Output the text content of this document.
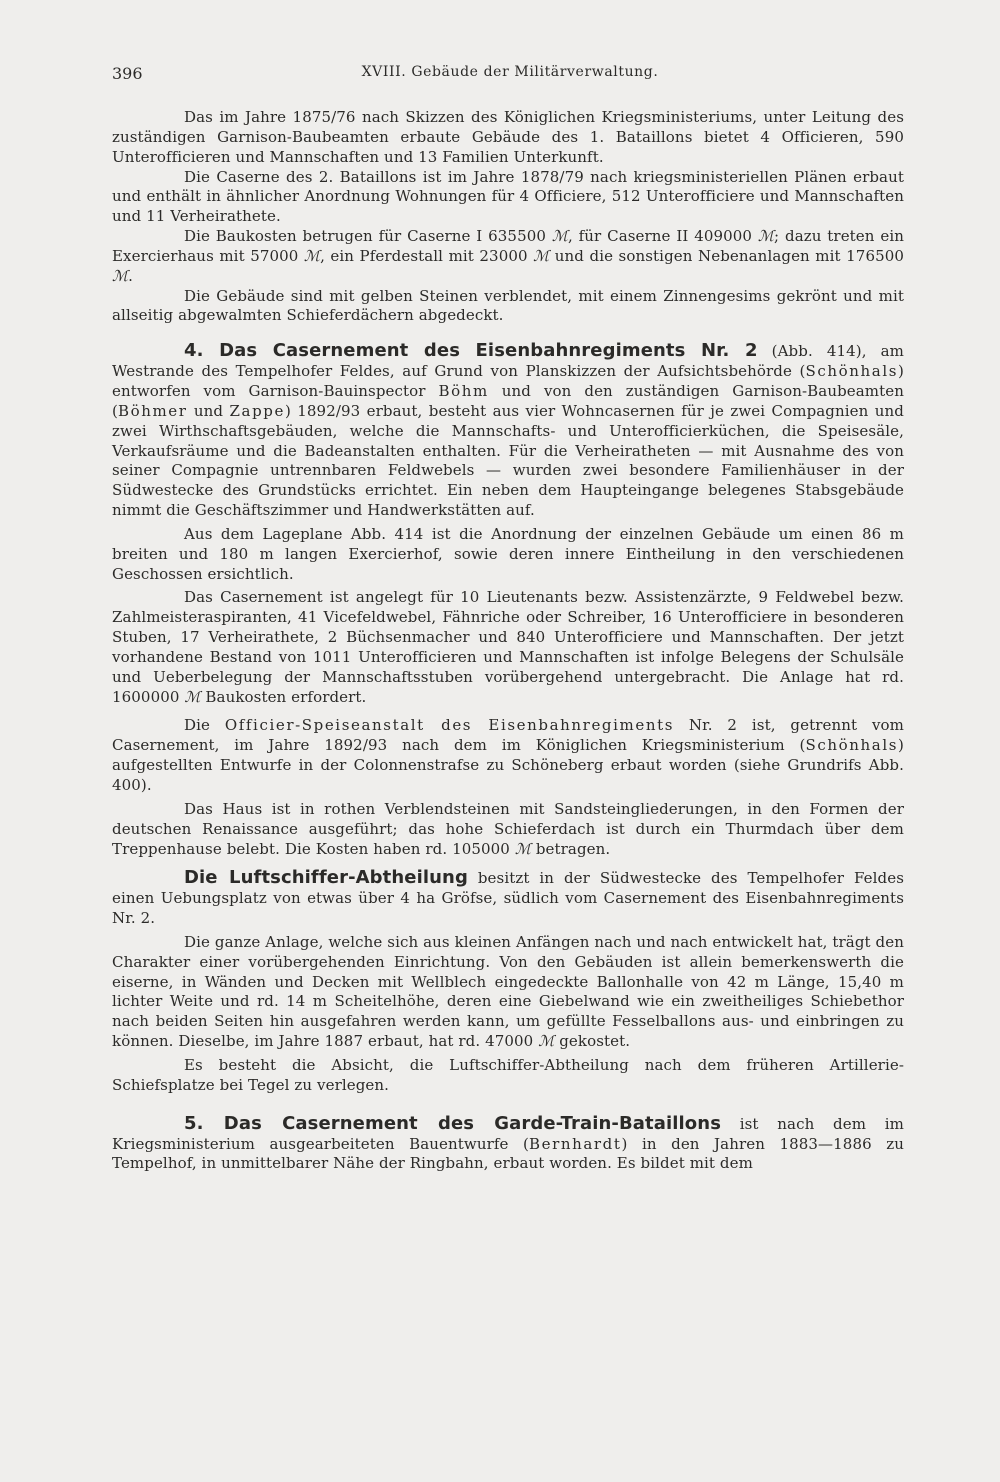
396	XVIII. Gebäude der Militärverwaltung.

Das im Jahre 1875/76 nach Skizzen des Königlichen Kriegsministeriums, unter Leitung des zuständigen Garnison-Baubeamten erbaute Gebäude des 1. Bataillons bietet 4 Officieren, 590 Unterofficieren und Mannschaften und 13 Familien Unterkunft.

Die Caserne des 2. Bataillons ist im Jahre 1878/79 nach kriegsministeriellen Plänen erbaut und enthält in ähnlicher Anordnung Wohnungen für 4 Officiere, 512 Unterofficiere und Mannschaften und 11 Verheirathete.

Die Baukosten betrugen für Caserne I 635500 ℳ, für Caserne II 409000 ℳ; dazu treten ein Exercierhaus mit 57000 ℳ, ein Pferdestall mit 23000 ℳ und die sonstigen Nebenanlagen mit 176500 ℳ.

Die Gebäude sind mit gelben Steinen verblendet, mit einem Zinnengesims gekrönt und mit allseitig abgewalmten Schieferdächern abgedeckt.

4. Das Casernement des Eisenbahnregiments Nr. 2 (Abb. 414), am Westrande des Tempelhofer Feldes, auf Grund von Planskizzen der Aufsichtsbehörde (Schönhals) entworfen vom Garnison-Bauinspector Böhm und von den zuständigen Garnison-Baubeamten (Böhmer und Zappe) 1892/93 erbaut, besteht aus vier Wohncasernen für je zwei Compagnien und zwei Wirthschaftsgebäuden, welche die Mannschafts- und Unterofficierküchen, die Speisesäle, Verkaufsräume und die Badeanstalten enthalten. Für die Verheiratheten — mit Ausnahme des von seiner Compagnie untrennbaren Feldwebels — wurden zwei besondere Familienhäuser in der Südwestecke des Grundstücks errichtet. Ein neben dem Haupteingange belegenes Stabsgebäude nimmt die Geschäftszimmer und Handwerkstätten auf.

Aus dem Lageplane Abb. 414 ist die Anordnung der einzelnen Gebäude um einen 86 m breiten und 180 m langen Exercierhof, sowie deren innere Eintheilung in den verschiedenen Geschossen ersichtlich.

Das Casernement ist angelegt für 10 Lieutenants bezw. Assistenzärzte, 9 Feldwebel bezw. Zahlmeisteraspiranten, 41 Vicefeldwebel, Fähnriche oder Schreiber, 16 Unterofficiere in besonderen Stuben, 17 Verheirathete, 2 Büchsenmacher und 840 Unterofficiere und Mannschaften. Der jetzt vorhandene Bestand von 1011 Unterofficieren und Mannschaften ist infolge Belegens der Schulsäle und Ueberbelegung der Mannschaftsstuben vorübergehend untergebracht. Die Anlage hat rd. 1600000 ℳ Baukosten erfordert.

Die Officier-Speiseanstalt des Eisenbahnregiments Nr. 2 ist, getrennt vom Casernement, im Jahre 1892/93 nach dem im Königlichen Kriegsministerium (Schönhals) aufgestellten Entwurfe in der Colonnenstrafse zu Schöneberg erbaut worden (siehe Grundrifs Abb. 400).

Das Haus ist in rothen Verblendsteinen mit Sandsteingliederungen, in den Formen der deutschen Renaissance ausgeführt; das hohe Schieferdach ist durch ein Thurmdach über dem Treppenhause belebt. Die Kosten haben rd. 105000 ℳ betragen.

Die Luftschiffer-Abtheilung besitzt in der Südwestecke des Tempelhofer Feldes einen Uebungsplatz von etwas über 4 ha Gröfse, südlich vom Casernement des Eisenbahnregiments Nr. 2.

Die ganze Anlage, welche sich aus kleinen Anfängen nach und nach entwickelt hat, trägt den Charakter einer vorübergehenden Einrichtung. Von den Gebäuden ist allein bemerkenswerth die eiserne, in Wänden und Decken mit Wellblech eingedeckte Ballonhalle von 42 m Länge, 15,40 m lichter Weite und rd. 14 m Scheitelhöhe, deren eine Giebelwand wie ein zweitheiliges Schiebethor nach beiden Seiten hin ausgefahren werden kann, um gefüllte Fesselballons aus- und einbringen zu können. Dieselbe, im Jahre 1887 erbaut, hat rd. 47000 ℳ gekostet.

Es besteht die Absicht, die Luftschiffer-Abtheilung nach dem früheren Artillerie-Schiefsplatze bei Tegel zu verlegen.

5. Das Casernement des Garde-Train-Bataillons ist nach dem im Kriegsministerium ausgearbeiteten Bauentwurfe (Bernhardt) in den Jahren 1883—1886 zu Tempelhof, in unmittelbarer Nähe der Ringbahn, erbaut worden. Es bildet mit dem
